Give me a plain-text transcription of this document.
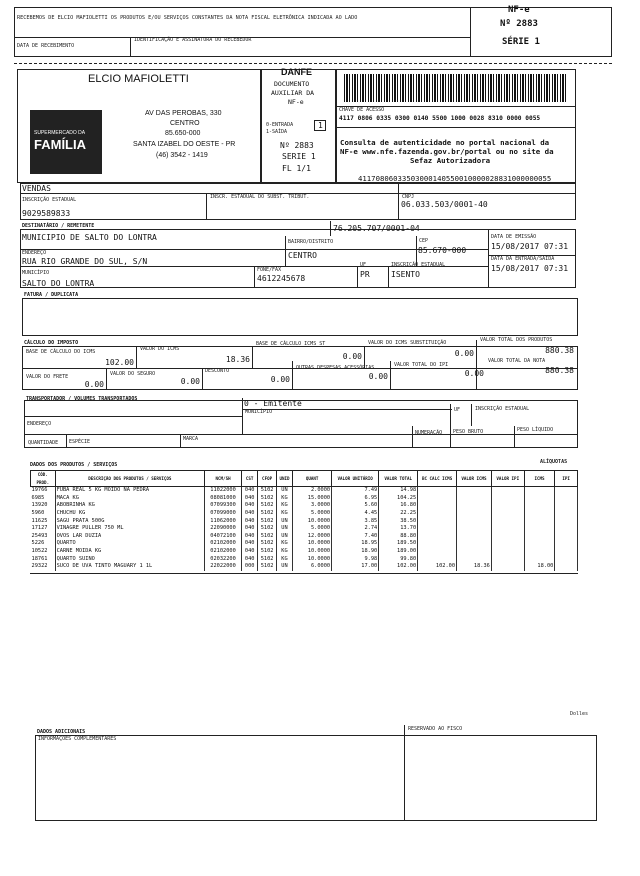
RECEBEMOS DE ELCIO MAFIOLETTI OS PRODUTOS E/OU SERVIÇOS CONSTANTES DA NOTA FISCAL ELETRÔNICA INDICADA AO LADO
DATA DE RECEBIMENTO
IDENTIFICAÇÃO E ASSINATURA DO RECEBEDOR
NF-e
Nº 2883
SÉRIE 1
ELCIO MAFIOLETTI
SUPERMERCADO DA
FAMÍLIA
AV DAS PEROBAS, 330
CENTRO
85.650-000
SANTA IZABEL DO OESTE - PR
(46) 3542 - 1419
DANFE
DOCUMENTO
AUXILIAR DA
NF-e
0-ENTRADA
1-SAÍDA
1
Nº 2883
SERIE 1
FL 1/1
CHAVE DE ACESSO
4117 0806 0335 0300 0140 5500 1000 0028 8310 0000 0055
Consulta de autenticidade no portal nacional da
NF-e www.nfe.fazenda.gov.br/portal ou no site da
Sefaz Autorizadora
41170806033503000140550010000028831000000055
VENDAS
INSCRIÇÃO ESTADUAL
9029589833
INSCR. ESTADUAL DO SUBST. TRIBUT.	CNPJ
06.033.503/0001-40
DESTINATÁRIO / REMETENTE
MUNICIPIO DE SALTO DO LONTRA
76.205.707/0001-04
DATA DE EMISSÃO
15/08/2017 07:31
ENDEREÇO
RUA RIO GRANDE DO SUL, S/N
BAIRRO/DISTRITO
CENTRO
CEP
85.670-000
DATA DA ENTRADA/SAÍDA
15/08/2017 07:31
MUNICÍPIO
SALTO DO LONTRA
FONE/FAX
4612245678
UF
PR
INSCRIÇÃO ESTADUAL
ISENTO
FATURA / DUPLICATA
CÁLCULO DO IMPOSTO
BASE DE CÁLCULO DO ICMS
102.00
VALOR DO ICMS
18.36
BASE DE CÁLCULO ICMS ST
0.00
VALOR DO ICMS SUBSTITUIÇÃO
0.00
VALOR TOTAL DOS PRODUTOS
880.38
VALOR DO FRETE
0.00
VALOR DO SEGURO
0.00
DESCONTO
0.00
OUTRAS DESPESAS ACESSÓRIAS
0.00
VALOR TOTAL DO IPI
0.00
VALOR TOTAL DA NOTA
880.38
TRANSPORTADOR / VOLUMES TRANSPORTADOS	0 - Emitente
MUNICÍPIO	UF	INSCRIÇÃO ESTADUAL
ENDEREÇO
QUANTIDADE ESPÉCIE	MARCA
NUMERAÇÃO PESO BRUTO	PESO LÍQUIDO
DADOS DOS PRODUTOS / SERVIÇOS	ALÍQUOTAS
CÓD. PROD.	DESCRIÇÃO DOS PRODUTOS / SERVIÇOS	NCM/SH	CST	CFOP	UNID	QUANT	VALOR UNITÁRIO	VALOR TOTAL	BC CALC ICMS	VALOR ICMS	VALOR IPI	ICMS	IPI
19766	FUBA REAL 5 KG MOIDO NA PEDRA	11022000	040	5102	UN	2.0000	7.49	14.98					
6985	MACA KG	08081000	040	5102	KG	15.0000	6.95	104.25					
13920	ABOBRINHA KG	07099300	040	5102	KG	3.0000	5.60	16.80					
5960	CHUCHU KG	07099000	040	5102	KG	5.0000	4.45	22.25					
11625	SAGU PRATA 500G	11062000	040	5102	UN	10.0000	3.85	38.50					
17127	VINAGRE PULLER 750 ML	22090000	040	5102	UN	5.0000	2.74	13.70					
25493	OVOS LAR DUZIA	04072100	040	5102	UN	12.0000	7.40	88.80					
5226	QUARTO	02102000	040	5102	KG	10.0000	18.95	189.50					
10522	CARNE MOIDA KG	02102000	040	5102	KG	10.0000	18.90	189.00					
18761	QUARTO SUINO	02032200	040	5102	KG	10.0000	9.98	99.80					
29322	SUCO DE UVA TINTO MAGUARY 1 1L	22022000	000	5102	UN	6.0000	17.00	102.00	102.00	18.36		18.00	
Dolles
DADOS ADICIONAIS
INFORMAÇÕES COMPLEMENTARES
RESERVADO AO FISCO
